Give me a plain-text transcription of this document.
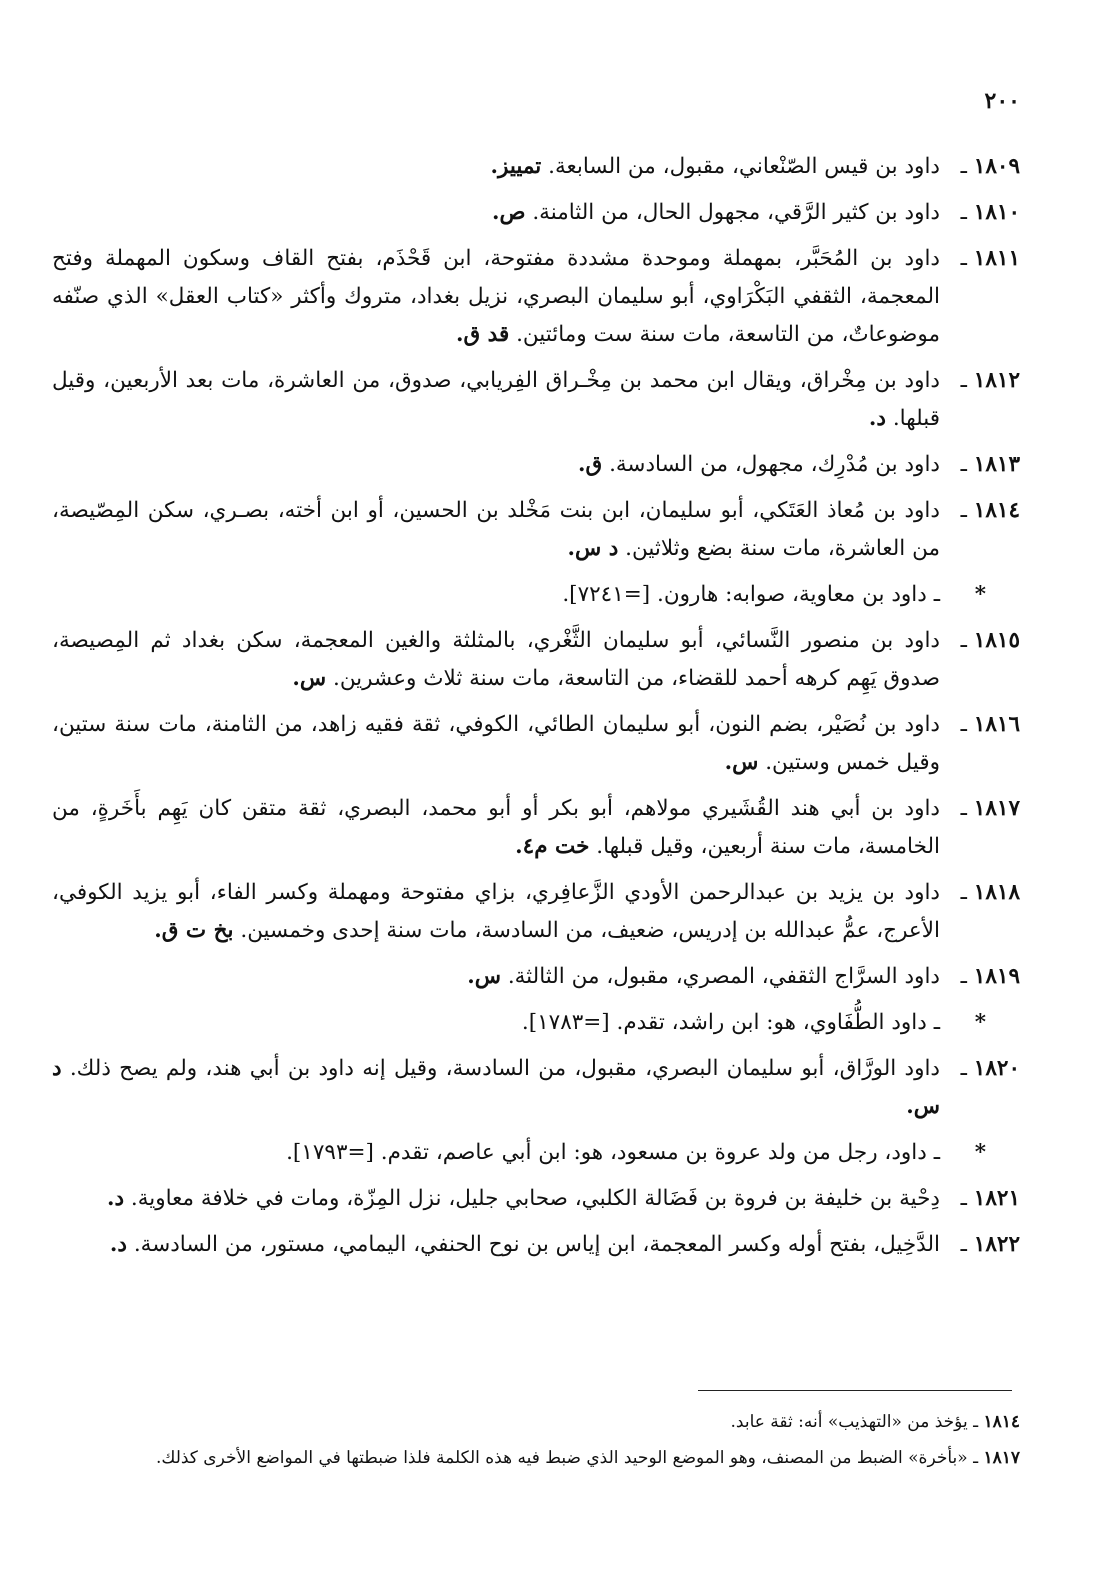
٢٠٠
١٨٠٩ ـ
داود بن قيس الصّنْعاني، مقبول، من السابعة. تمييز.
١٨١٠ ـ
داود بن كثير الرَّقي، مجهول الحال، من الثامنة. ص.
١٨١١ ـ
داود بن المُحَبَّر، بمهملة وموحدة مشددة مفتوحة، ابن قَحْذَم، بفتح القاف وسكون المهملة وفتح المعجمة، الثقفي البَكْرَاوي، أبو سليمان البصري، نزيل بغداد، متروك وأكثر «كتاب العقل» الذي صنّفه موضوعاتٌ، من التاسعة، مات سنة ست ومائتين. قد ق.
١٨١٢ ـ
داود بن مِخْراق، ويقال ابن محمد بن مِخْـراق الفِريابي، صدوق، من العاشرة، مات بعد الأربعين، وقيل قبلها. د.
١٨١٣ ـ
داود بن مُدْرِك، مجهول، من السادسة. ق.
١٨١٤ ـ
داود بن مُعاذ العَتَكي، أبو سليمان، ابن بنت مَخْلد بن الحسين، أو ابن أخته، بصـري، سكن المِصّيصة، من العاشرة، مات سنة بضع وثلاثين. د س.
*
ـ داود بن معاوية، صوابه: هارون. [=٧٢٤١].
١٨١٥ ـ
داود بن منصور النَّسائي، أبو سليمان الثَّغْري، بالمثلثة والغين المعجمة، سكن بغداد ثم المِصيصة، صدوق يَهِم كرهه أحمد للقضاء، من التاسعة، مات سنة ثلاث وعشرين. س.
١٨١٦ ـ
داود بن نُصَيْر، بضم النون، أبو سليمان الطائي، الكوفي، ثقة فقيه زاهد، من الثامنة، مات سنة ستين، وقيل خمس وستين. س.
١٨١٧ ـ
داود بن أبي هند القُشَيري مولاهم، أبو بكر أو أبو محمد، البصري، ثقة متقن كان يَهِم بأَخَرةٍ، من الخامسة، مات سنة أربعين، وقيل قبلها. خت م٤.
١٨١٨ ـ
داود بن يزيد بن عبدالرحمن الأودي الزَّعافِري، بزاي مفتوحة ومهملة وكسر الفاء، أبو يزيد الكوفي، الأعرج، عمُّ عبدالله بن إدريس، ضعيف، من السادسة، مات سنة إحدى وخمسين. بخ ت ق.
١٨١٩ ـ
داود السرَّاج الثقفي، المصري، مقبول، من الثالثة. س.
*
ـ داود الطُّفَاوي، هو: ابن راشد، تقدم. [=١٧٨٣].
١٨٢٠ ـ
داود الورَّاق، أبو سليمان البصري، مقبول، من السادسة، وقيل إنه داود بن أبي هند، ولم يصح ذلك. د س.
*
ـ داود، رجل من ولد عروة بن مسعود، هو: ابن أبي عاصم، تقدم. [=١٧٩٣].
١٨٢١ ـ
دِحْية بن خليفة بن فروة بن فَضَالة الكلبي، صحابي جليل، نزل المِزّة، ومات في خلافة معاوية. د.
١٨٢٢ ـ
الدَّخِيل، بفتح أوله وكسر المعجمة، ابن إياس بن نوح الحنفي، اليمامي، مستور، من السادسة. د.
١٨١٤ ـ يؤخذ من «التهذيب» أنه: ثقة عابد.
١٨١٧ ـ «بأخرة» الضبط من المصنف، وهو الموضع الوحيد الذي ضبط فيه هذه الكلمة فلذا ضبطتها في المواضع الأخرى كذلك.
